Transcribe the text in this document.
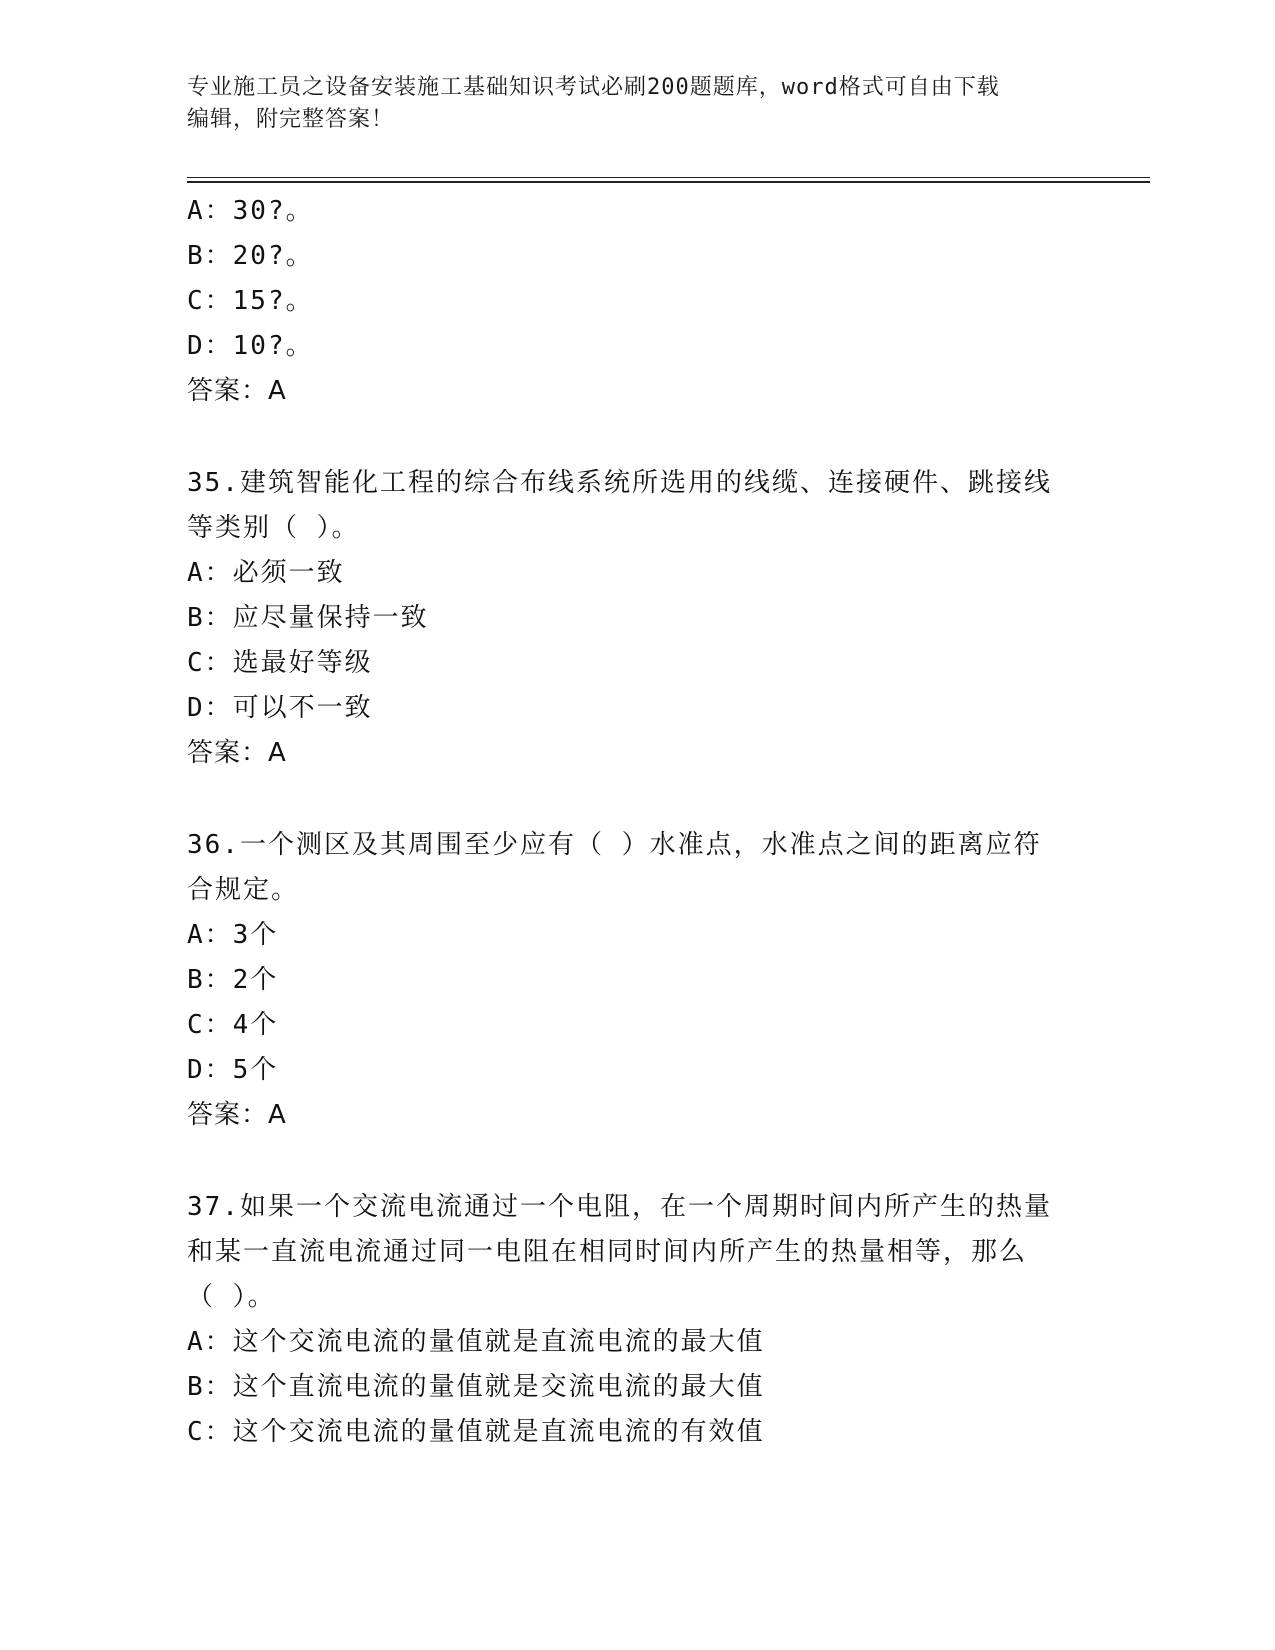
专业施工员之设备安装施工基础知识考试必刷200题题库，word格式可自由下载
编辑，附完整答案！
A：30?。
B：20?。
C：15?。
D：10?。
答案：A
35.建筑智能化工程的综合布线系统所选用的线缆、连接硬件、跳接线
等类别（ ）。
A：必须一致
B：应尽量保持一致
C：选最好等级
D：可以不一致
答案：A
36.一个测区及其周围至少应有（ ）水准点，水准点之间的距离应符
合规定。
A：3个
B：2个
C：4个
D：5个
答案：A
37.如果一个交流电流通过一个电阻，在一个周期时间内所产生的热量
和某一直流电流通过同一电阻在相同时间内所产生的热量相等，那么
（ ）。
A：这个交流电流的量值就是直流电流的最大值
B：这个直流电流的量值就是交流电流的最大值
C：这个交流电流的量值就是直流电流的有效值
